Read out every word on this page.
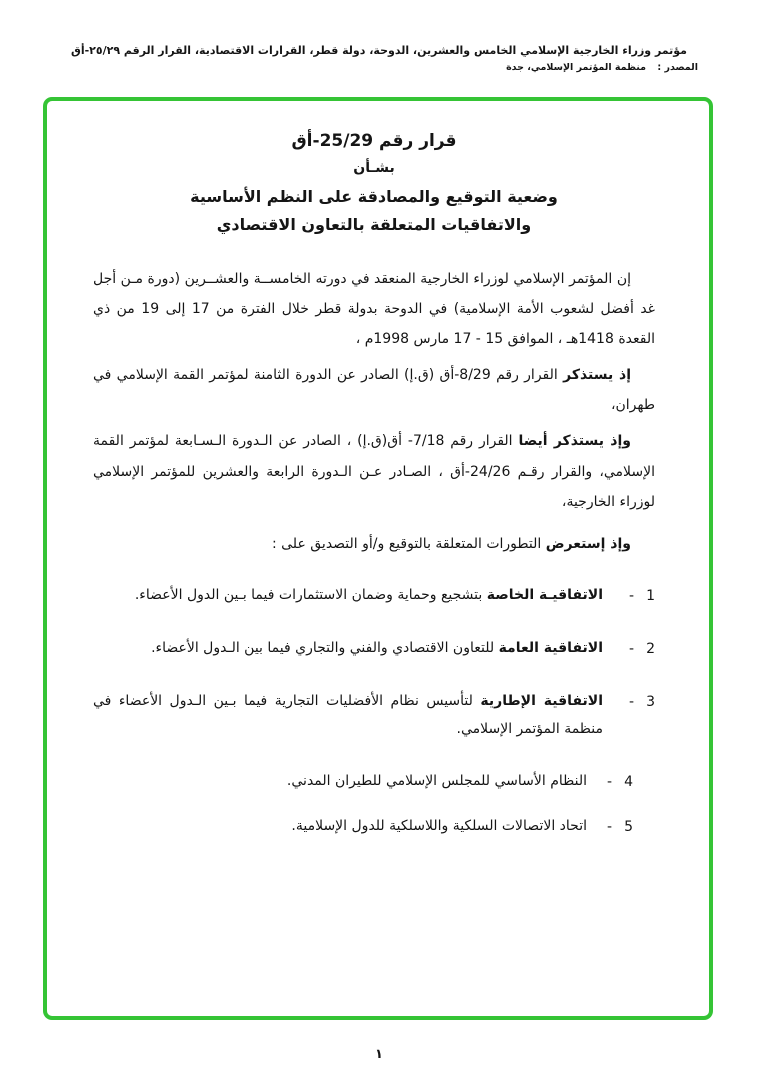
مؤتمر وزراء الخارجية الإسلامي الخامس والعشرين، الدوحة، دولة قطر، القرارات الاقتصادية، القرار الرقم ٢٥/٢٩-أق
المصدر : منظمة المؤتمر الإسلامي، جدة
قرار رقم 25/29-أق
بشـأن
وضعية التوقيع والمصادقة على النظم الأساسية
والاتفاقيات المتعلقة بالتعاون الاقتصادي

إن المؤتمر الإسلامي لوزراء الخارجية المنعقد في دورته الخامســة والعشــرين (دورة مـن أجل غد أفضل لشعوب الأمة الإسلامية) في الدوحة بدولة قطر خلال الفترة من 17 إلى 19 من ذي القعدة 1418هـ ، الموافق 15 - 17 مارس 1998م ،

إذ يستذكر القرار رقم 8/29-أق (ق.إ) الصادر عن الدورة الثامنة لمؤتمر القمة الإسلامي في طهران،

وإذ يستذكر أيضا القرار رقم 7/18- أق(ق.إ) ، الصادر عن الـدورة الـسـابعة لمؤتمر القمة الإسلامي، والقرار رقـم 24/26-أق ، الصـادر عـن الـدورة الرابعة والعشرين للمؤتمر الإسلامي لوزراء الخارجية،

وإذ إستعرض التطورات المتعلقة بالتوقيع و/أو التصديق على :

1
-
الاتفاقيـة الخاصة بتشجيع وحماية وضمان الاستثمارات فيما بـين الدول الأعضاء.
2
-
الاتفاقية العامة للتعاون الاقتصادي والفني والتجاري فيما بين الـدول الأعضاء.
3
-
الاتفاقية الإطارية لتأسيس نظام الأفضليات التجارية فيما بـين الـدول الأعضاء في منظمة المؤتمر الإسلامي.
4
-
النظام الأساسي للمجلس الإسلامي للطيران المدني.
5
-
اتحاد الاتصالات السلكية واللاسلكية للدول الإسلامية.
١
